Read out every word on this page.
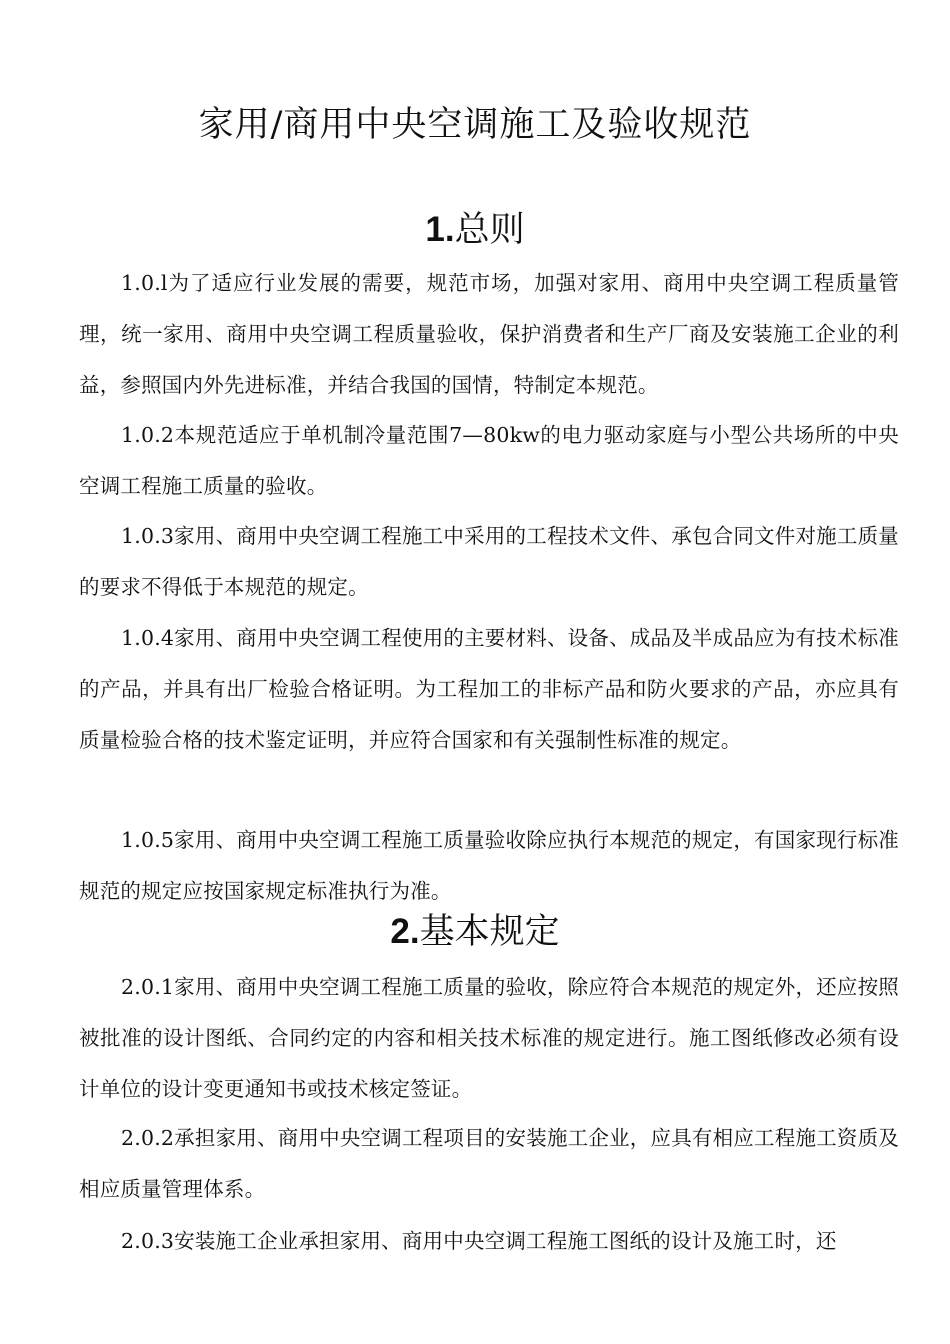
家用/商用中央空调施工及验收规范
1.总则

1.0.l为了适应行业发展的需要，规范市场，加强对家用、商用中央空调工程质量管理，统一家用、商用中央空调工程质量验收，保护消费者和生产厂商及安装施工企业的利益，参照国内外先进标准，并结合我国的国情，特制定本规范。

1.0.2本规范适应于单机制冷量范围7—80kw的电力驱动家庭与小型公共场所的中央空调工程施工质量的验收。

1.0.3家用、商用中央空调工程施工中采用的工程技术文件、承包合同文件对施工质量的要求不得低于本规范的规定。

1.0.4家用、商用中央空调工程使用的主要材料、设备、成品及半成品应为有技术标准的产品，并具有出厂检验合格证明。为工程加工的非标产品和防火要求的产品，亦应具有质量检验合格的技术鉴定证明，并应符合国家和有关强制性标准的规定。

1.0.5家用、商用中央空调工程施工质量验收除应执行本规范的规定，有国家现行标准规范的规定应按国家规定标准执行为准。

2.基本规定

2.0.1家用、商用中央空调工程施工质量的验收，除应符合本规范的规定外，还应按照被批准的设计图纸、合同约定的内容和相关技术标准的规定进行。施工图纸修改必须有设计单位的设计变更通知书或技术核定签证。

2.0.2承担家用、商用中央空调工程项目的安装施工企业，应具有相应工程施工资质及相应质量管理体系。

2.0.3安装施工企业承担家用、商用中央空调工程施工图纸的设计及施工时，还
